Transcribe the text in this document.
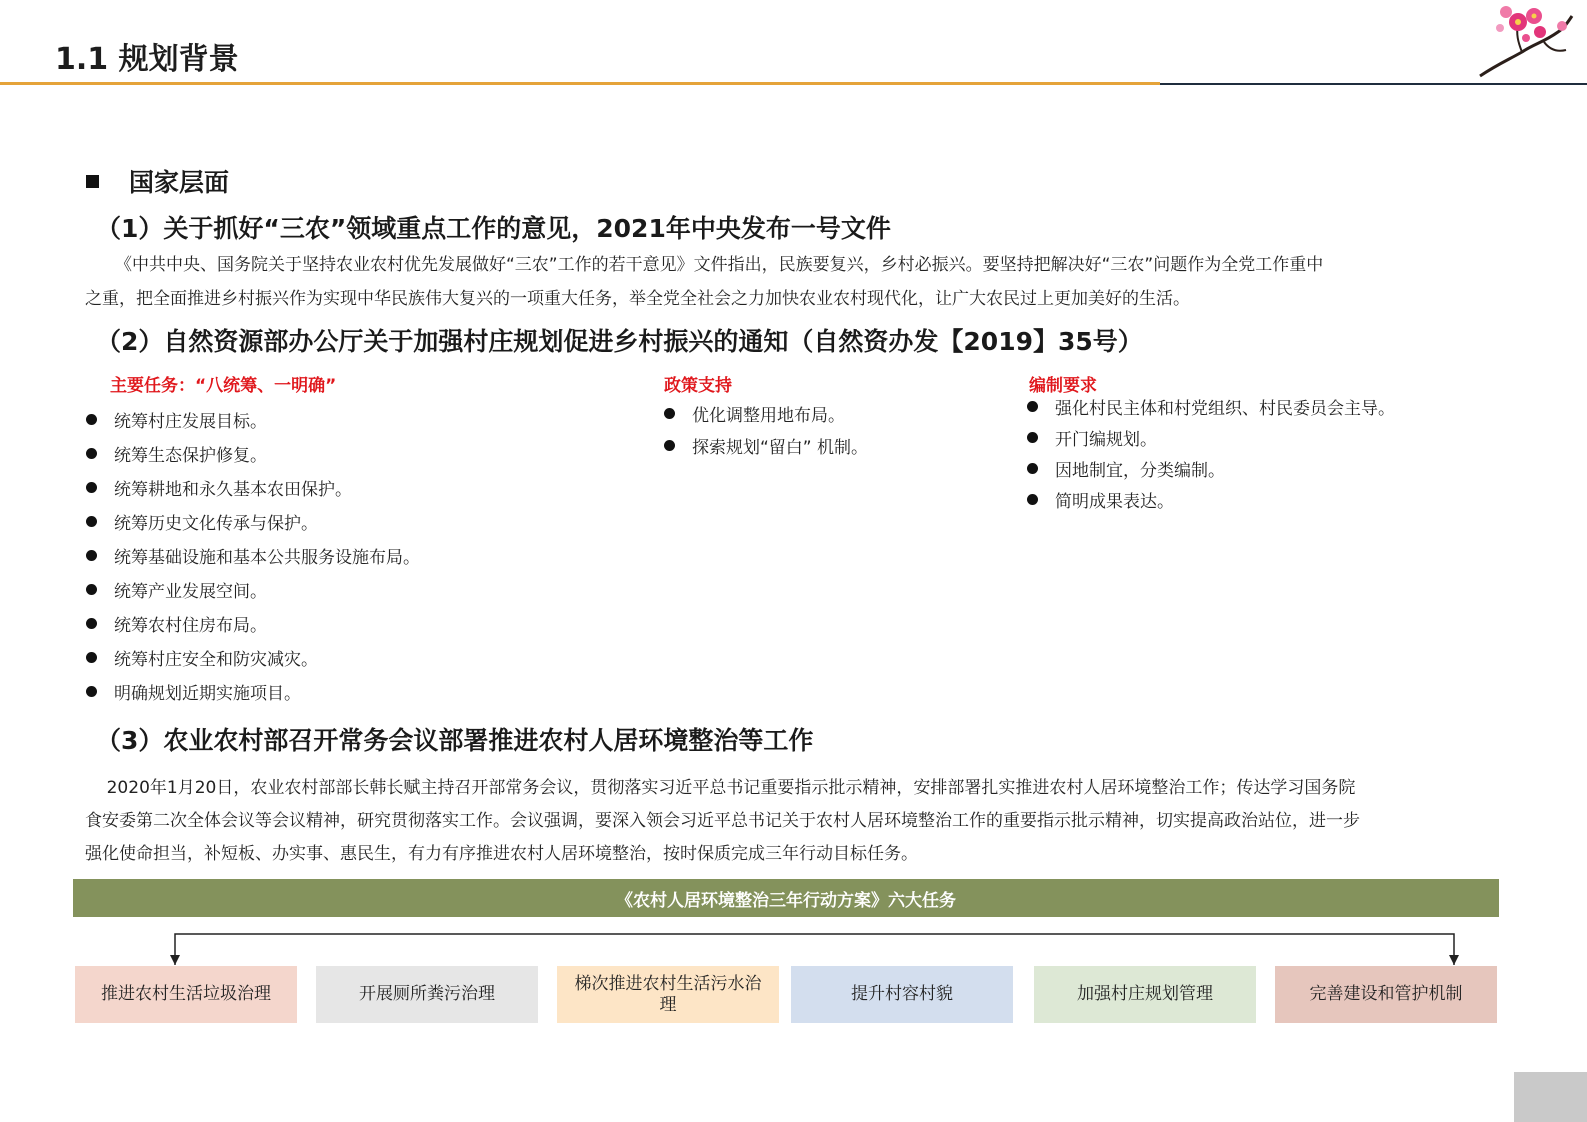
1.1 规划背景
国家层面
（1）关于抓好“三农”领域重点工作的意见，2021年中央发布一号文件

《中共中央、国务院关于坚持农业农村优先发展做好“三农”工作的若干意见》文件指出，民族要复兴，乡村必振兴。要坚持把解决好“三农”问题作为全党工作重中

之重，把全面推进乡村振兴作为实现中华民族伟大复兴的一项重大任务，举全党全社会之力加快农业农村现代化，让广大农民过上更加美好的生活。

（2）自然资源部办公厅关于加强村庄规划促进乡村振兴的通知（自然资办发【2019】35号）
主要任务：“八统筹、一明确”
统筹村庄发展目标。
统筹生态保护修复。
统筹耕地和永久基本农田保护。
统筹历史文化传承与保护。
统筹基础设施和基本公共服务设施布局。
统筹产业发展空间。
统筹农村住房布局。
统筹村庄安全和防灾减灾。
明确规划近期实施项目。
政策支持
优化调整用地布局。
探索规划“留白” 机制。
编制要求
强化村民主体和村党组织、村民委员会主导。
开门编规划。
因地制宜，分类编制。
简明成果表达。
（3）农业农村部召开常务会议部署推进农村人居环境整治等工作

2020年1月20日，农业农村部部长韩长赋主持召开部常务会议，贯彻落实习近平总书记重要指示批示精神，安排部署扎实推进农村人居环境整治工作；传达学习国务院

食安委第二次全体会议等会议精神，研究贯彻落实工作。会议强调，要深入领会习近平总书记关于农村人居环境整治工作的重要指示批示精神，切实提高政治站位，进一步

强化使命担当，补短板、办实事、惠民生，有力有序推进农村人居环境整治，按时保质完成三年行动目标任务。

《农村人居环境整治三年行动方案》六大任务
推进农村生活垃圾治理	开展厕所粪污治理
梯次推进农村生活污水治理
提升村容村貌	加强村庄规划管理	完善建设和管护机制
